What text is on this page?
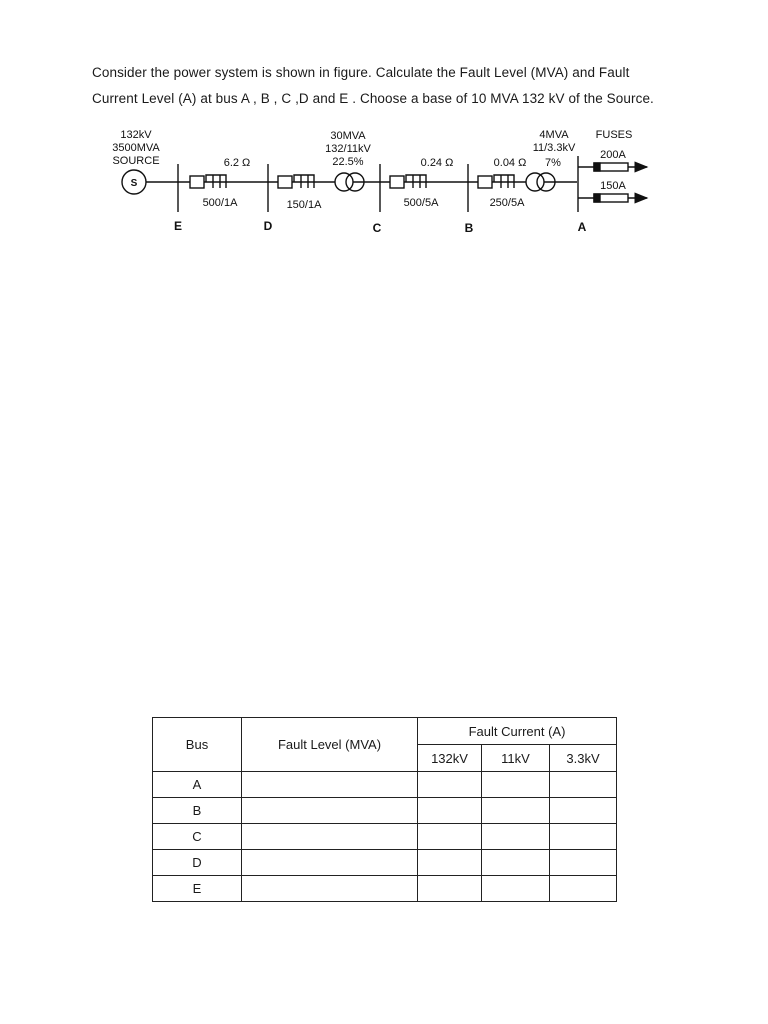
Consider the power system is shown in figure. Calculate the Fault Level (MVA) and Fault

Current Level (A) at bus A , B , C ,D and E . Choose a base of 10 MVA 132 kV of the Source.

S
132kV
3500MVA
SOURCE	6.2 Ω
500/1A	150/1A
30MVA
132/11kV
22.5%	0.24 Ω
500/5A
0.04 Ω
250/5A
4MVA
11/3.3kV
7%
FUSES
200A
150A
E	D	C	B	A
Bus	Fault Level (MVA)	Fault Current (A)		
		132kV	11kV	3.3kV
A				
B				
C				
D				
E				
